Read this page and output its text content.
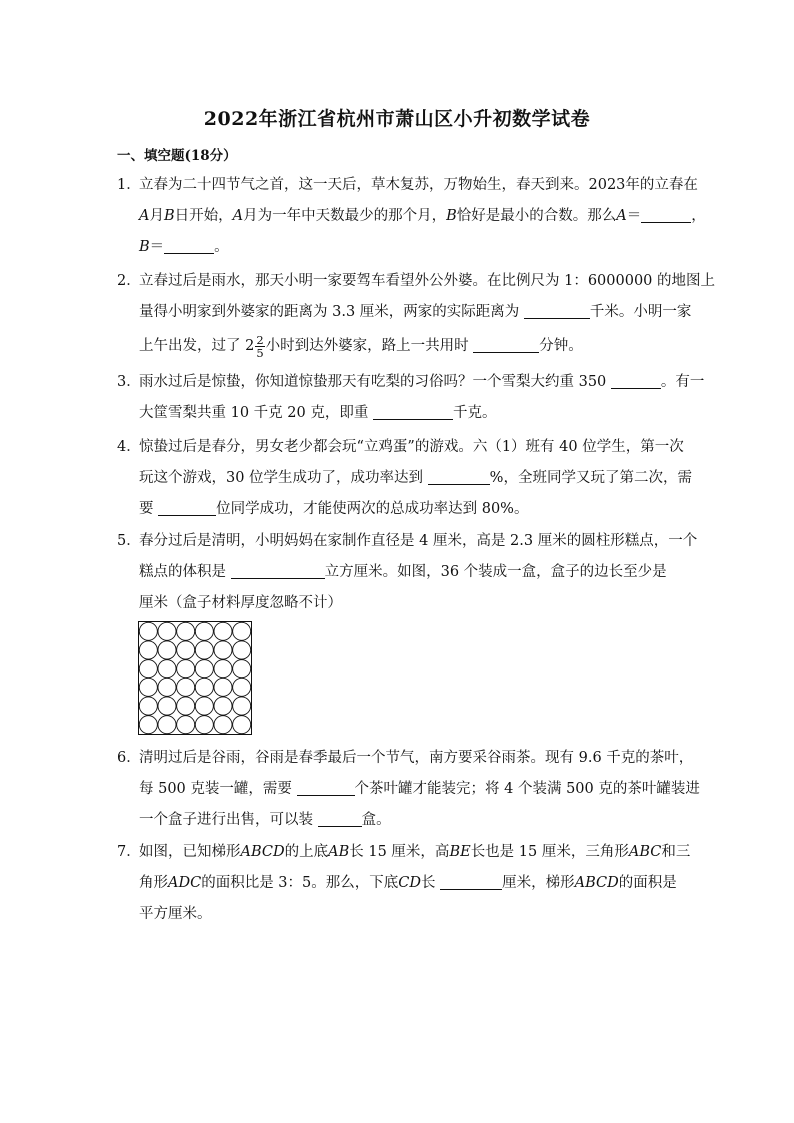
2022年浙江省杭州市萧山区小升初数学试卷
一、填空题(18分）
1．
立春为二十四节气之首，这一天后，草木复苏，万物始生，春天到来。2023年的立春在
A月B日开始，A月为一年中天数最少的那个月，B恰好是最小的合数。那么A＝	，
B＝	。
2．
立春过后是雨水，那天小明一家要驾车看望外公外婆。在比例尺为 1：6000000 的地图上
量得小明家到外婆家的距离为 3.3 厘米，两家的实际距离为	千米。小明一家
上午出发，过了 $2 \frac{2}{5}$ 小时到达外婆家，路上一共用时	分钟。
3．
雨水过后是惊蛰，你知道惊蛰那天有吃梨的习俗吗？一个雪梨大约重 350	。有一
大筐雪梨共重 10 千克 20 克，即重	千克。
4．
惊蛰过后是春分，男女老少都会玩“立鸡蛋”的游戏。六（1）班有 40 位学生，第一次
玩这个游戏，30 位学生成功了，成功率达到	%，全班同学又玩了第二次，需
要	位同学成功，才能使两次的总成功率达到 80%。
5．
春分过后是清明，小明妈妈在家制作直径是 4 厘米，高是 2.3 厘米的圆柱形糕点，一个
糕点的体积是	立方厘米。如图，36 个装成一盒，盒子的边长至少是
厘米（盒子材料厚度忽略不计）
6．
清明过后是谷雨，谷雨是春季最后一个节气，南方要采谷雨茶。现有 9.6 千克的茶叶，
每 500 克装一罐，需要	个茶叶罐才能装完；将 4 个装满 500 克的茶叶罐装进
一个盒子进行出售，可以装	盒。
7．
如图，已知梯形ABCD的上底AB长 15 厘米，高BE长也是 15 厘米，三角形ABC和三
角形ADC的面积比是 3：5。那么，下底CD长	厘米，梯形ABCD的面积是
平方厘米。
